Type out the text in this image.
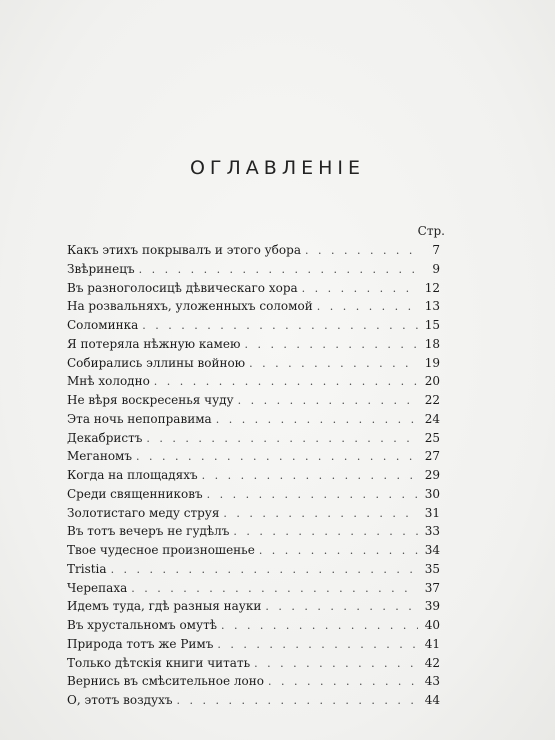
ОГЛАВЛЕНIЕ
Стр.
Какъ этихъ покрывалъ и этого убора . . .	7
Звѣринецъ . . .	9
Въ разноголосицѣ дѣвическаго хора . . .	12
На розвальняхъ, уложенныхъ соломой . . .	13
Соломинка . . .	15
Я потеряла нѣжную камею . . .	18
Собирались эллины войною . . .	19
Мнѣ холодно . . .	20
Не вѣря воскресенья чуду . . .	22
Эта ночь непоправима . . .	24
Декабристъ . . .	25
Меганомъ . . .	27
Когда на площадяхъ . . .	29
Среди священниковъ . . .	30
Золотистаго меду струя . . .	31
Въ тотъ вечеръ не гудѣлъ . . .	33
Твое чудесное произношенье . . .	34
Tristia . . .	35
Черепаха . . .	37
Идемъ туда, гдѣ разныя науки . . .	39
Въ хрустальномъ омутѣ . . .	40
Природа тотъ же Римъ . . .	41
Только дѣтскія книги читать . . .	42
Вернись въ смѣсительное лоно . . .	43
О, этотъ воздухъ . . .	44
